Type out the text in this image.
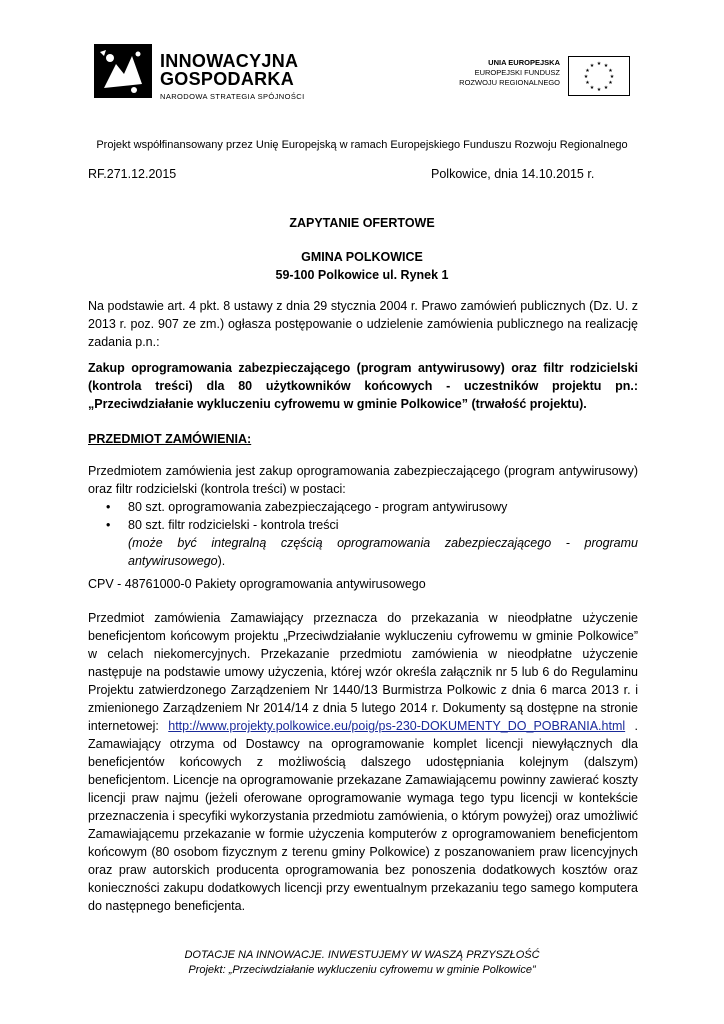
INNOWACYJNA
GOSPODARKA
NARODOWA STRATEGIA SPÓJNOŚCI
UNIA EUROPEJSKA
EUROPEJSKI FUNDUSZ
ROZWOJU REGIONALNEGO
★ ★
★
★
★
★
★
★
★
★
★
★
Projekt współfinansowany przez Unię Europejską w ramach Europejskiego Funduszu Rozwoju Regionalnego
RF.271.12.2015	Polkowice, dnia 14.10.2015 r.
ZAPYTANIE OFERTOWE
GMINA POLKOWICE
59-100 Polkowice ul. Rynek 1
Na podstawie art. 4 pkt. 8 ustawy z dnia 29 stycznia 2004 r. Prawo zamówień publicznych (Dz. U. z 2013 r. poz. 907 ze zm.) ogłasza postępowanie o udzielenie zamówienia publicznego na realizację zadania p.n.:
Zakup oprogramowania zabezpieczającego (program antywirusowy) oraz filtr rodzicielski (kontrola treści) dla 80 użytkowników końcowych - uczestników projektu pn.: „Przeciwdziałanie wykluczeniu cyfrowemu w gminie Polkowice” (trwałość projektu).
PRZEDMIOT ZAMÓWIENIA:
Przedmiotem zamówienia jest zakup oprogramowania zabezpieczającego (program antywirusowy) oraz filtr rodzicielski (kontrola treści) w postaci:
• 80 szt. oprogramowania zabezpieczającego - program antywirusowy
• 80 szt. filtr rodzicielski - kontrola treści
(może być integralną częścią oprogramowania zabezpieczającego - programu antywirusowego).
CPV - 48761000-0 Pakiety oprogramowania antywirusowego
Przedmiot zamówienia Zamawiający przeznacza do przekazania w nieodpłatne użyczenie beneficjentom końcowym projektu „Przeciwdziałanie wykluczeniu cyfrowemu w gminie Polkowice” w celach niekomercyjnych. Przekazanie przedmiotu zamówienia w nieodpłatne użyczenie następuje na podstawie umowy użyczenia, której wzór określa załącznik nr 5 lub 6 do Regulaminu Projektu zatwierdzonego Zarządzeniem Nr 1440/13 Burmistrza Polkowic z dnia 6 marca 2013 r. i zmienionego Zarządzeniem Nr 2014/14 z dnia 5 lutego 2014 r. Dokumenty są dostępne na stronie internetowej: http://www.projekty.polkowice.eu/poig/ps-230-DOKUMENTY_DO_POBRANIA.html . Zamawiający otrzyma od Dostawcy na oprogramowanie komplet licencji niewyłącznych dla beneficjentów końcowych z możliwością dalszego udostępniania kolejnym (dalszym) beneficjentom. Licencje na oprogramowanie przekazane Zamawiającemu powinny zawierać koszty licencji praw najmu (jeżeli oferowane oprogramowanie wymaga tego typu licencji w kontekście przeznaczenia i specyfiki wykorzystania przedmiotu zamówienia, o którym powyżej) oraz umożliwić Zamawiającemu przekazanie w formie użyczenia komputerów z oprogramowaniem beneficjentom końcowym (80 osobom fizycznym z terenu gminy Polkowice) z poszanowaniem praw licencyjnych oraz praw autorskich producenta oprogramowania bez ponoszenia dodatkowych kosztów oraz konieczności zakupu dodatkowych licencji przy ewentualnym przekazaniu tego samego komputera do następnego beneficjenta.
DOTACJE NA INNOWACJE. INWESTUJEMY W WASZĄ PRZYSZŁOŚĆ
Projekt: „Przeciwdziałanie wykluczeniu cyfrowemu w gminie Polkowice”
